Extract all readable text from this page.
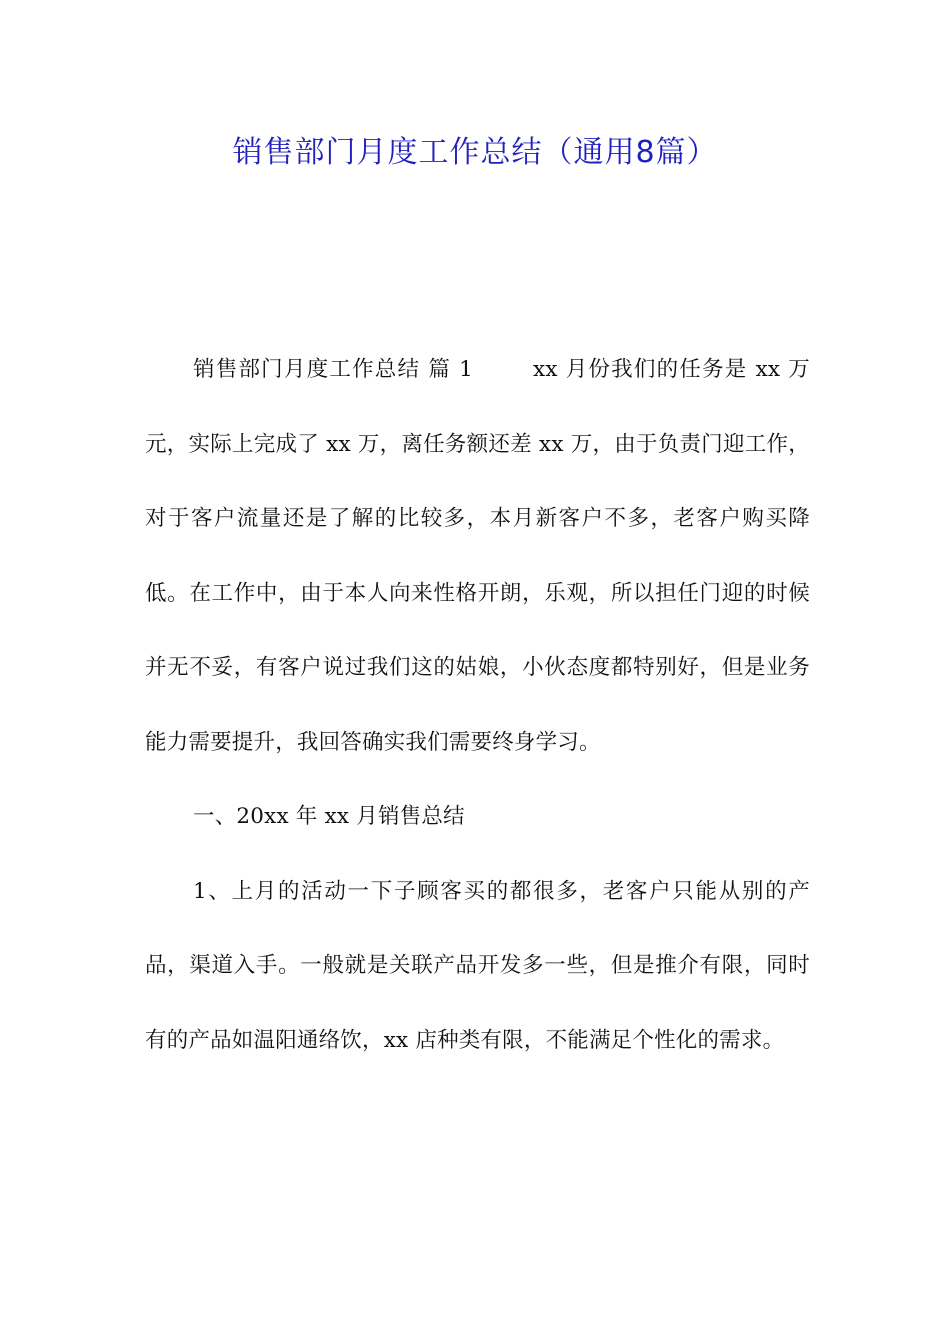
销售部门月度工作总结（通用8篇）

销售部门月度工作总结 篇 1	xx 月份我们的任务是 xx 万元，实际上完成了 xx 万，离任务额还差 xx 万，由于负责门迎工作，对于客户流量还是了解的比较多，本月新客户不多，老客户购买降低。在工作中，由于本人向来性格开朗，乐观，所以担任门迎的时候并无不妥，有客户说过我们这的姑娘，小伙态度都特别好，但是业务能力需要提升，我回答确实我们需要终身学习。

一、20xx 年 xx 月销售总结

1、上月的活动一下子顾客买的都很多，老客户只能从别的产品，渠道入手。一般就是关联产品开发多一些，但是推介有限，同时有的产品如温阳通络饮，xx 店种类有限，不能满足个性化的需求。
